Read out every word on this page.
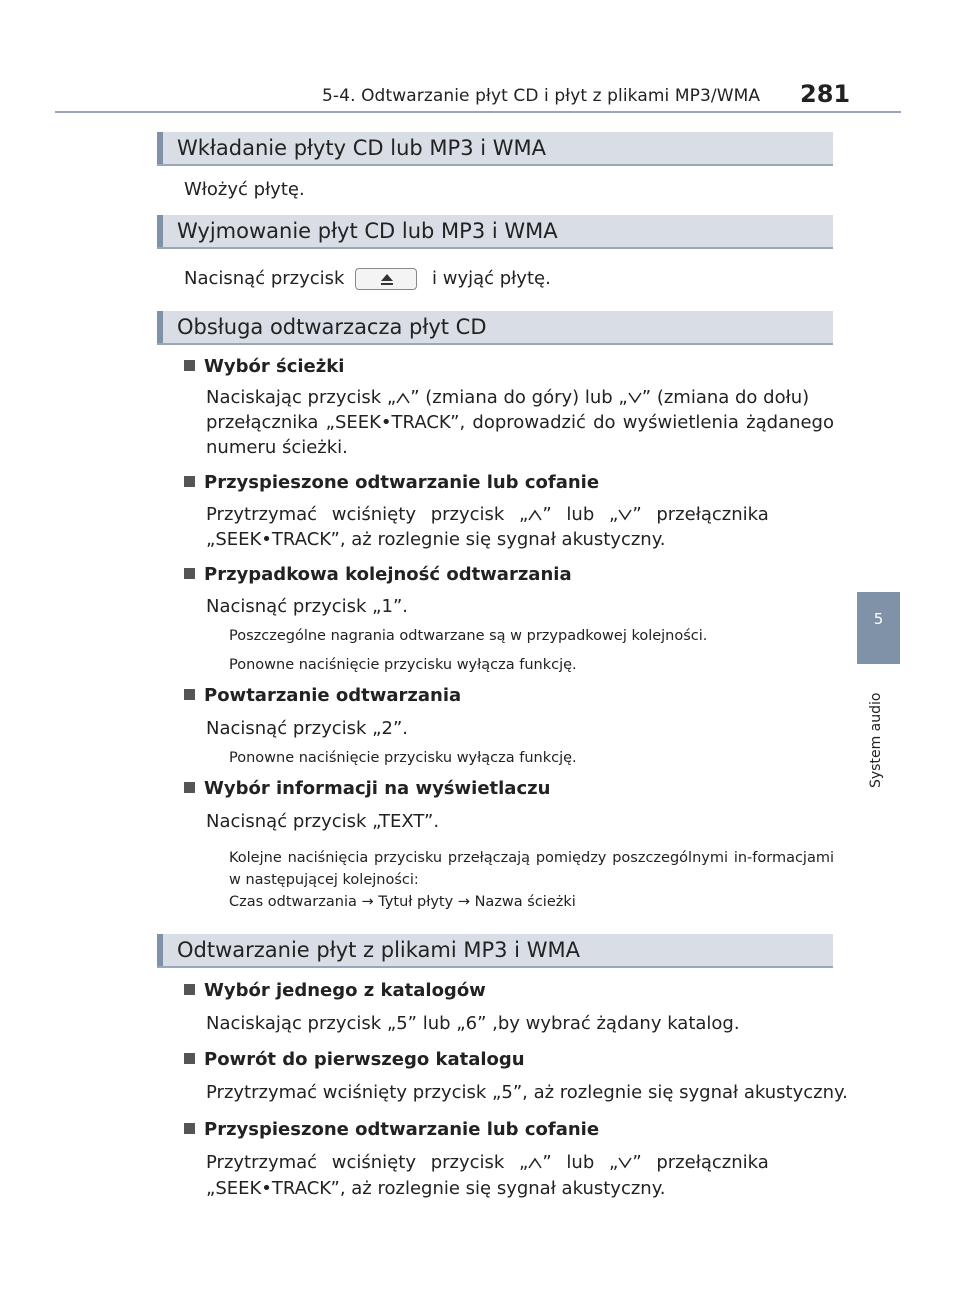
5-4. Odtwarzanie płyt CD i płyt z plikami MP3/WMA 281
5
System audio
Wkładanie płyty CD lub MP3 i WMA
Włożyć płytę.
Wyjmowanie płyt CD lub MP3 i WMA
Nacisnąć przycisk	i wyjąć płytę.
Obsługa odtwarzacza płyt CD
Wybór ścieżki
Naciskając przycisk „ ” (zmiana do góry) lub „ ” (zmiana do dołu)
przełącznika „SEEK•TRACK”, doprowadzić do wyświetlenia żądanego numeru ścieżki.
Przyspieszone odtwarzanie lub cofanie
Przytrzymać wciśnięty przycisk „ ” lub „ ” przełącznika
„SEEK•TRACK”, aż rozlegnie się sygnał akustyczny.
Przypadkowa kolejność odtwarzania
Nacisnąć przycisk „1”.
Poszczególne nagrania odtwarzane są w przypadkowej kolejności.
Ponowne naciśnięcie przycisku wyłącza funkcję.
Powtarzanie odtwarzania
Nacisnąć przycisk „2”.
Ponowne naciśnięcie przycisku wyłącza funkcję.
Wybór informacji na wyświetlaczu
Nacisnąć przycisk „TEXT”.
Kolejne naciśnięcia przycisku przełączają pomiędzy poszczególnymi in-formacjami w następującej kolejności:
Czas odtwarzania → Tytuł płyty → Nazwa ścieżki
Odtwarzanie płyt z plikami MP3 i WMA
Wybór jednego z katalogów
Naciskając przycisk „5” lub „6” ,by wybrać żądany katalog.
Powrót do pierwszego katalogu
Przytrzymać wciśnięty przycisk „5”, aż rozlegnie się sygnał akustyczny.
Przyspieszone odtwarzanie lub cofanie
Przytrzymać wciśnięty przycisk „ ” lub „ ” przełącznika
„SEEK•TRACK”, aż rozlegnie się sygnał akustyczny.
